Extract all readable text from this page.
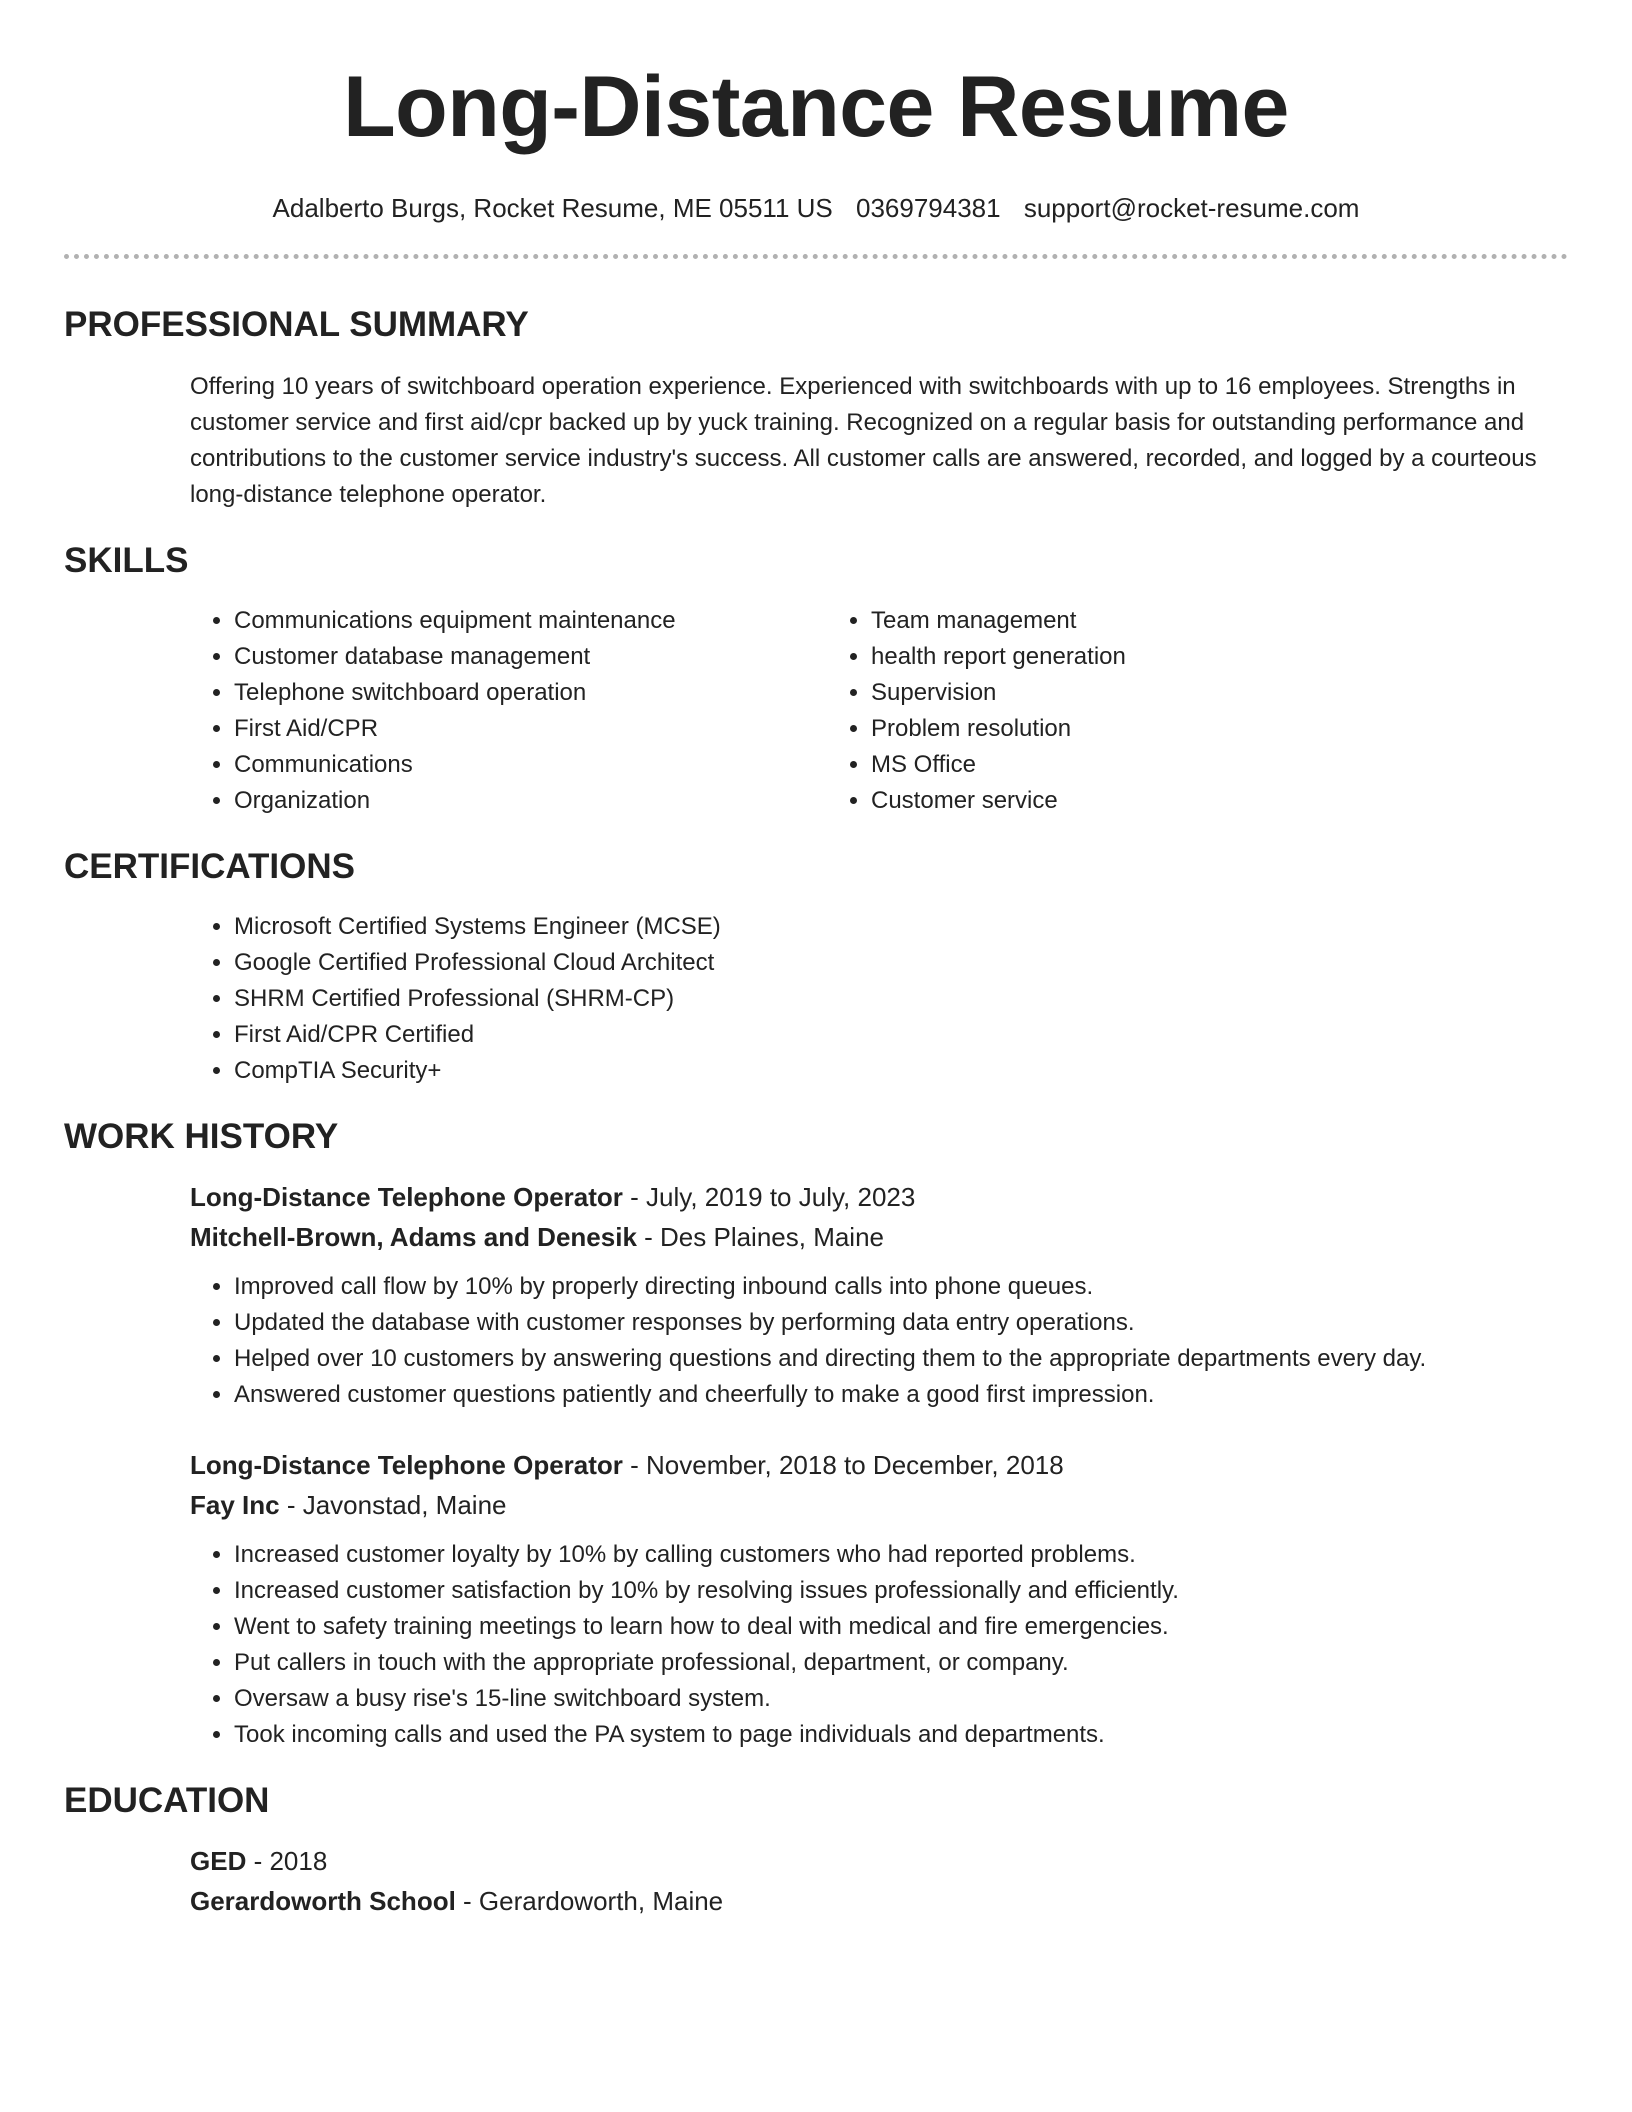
Long-Distance Resume
Adalberto Burgs, Rocket Resume, ME 05511 US 0369794381 support@rocket-resume.com
PROFESSIONAL SUMMARY

Offering 10 years of switchboard operation experience. Experienced with switchboards with up to 16 employees. Strengths in customer service and first aid/cpr backed up by yuck training. Recognized on a regular basis for outstanding performance and contributions to the customer service industry's success. All customer calls are answered, recorded, and logged by a courteous long-distance telephone operator.

SKILLS
• Communications equipment maintenance
• Customer database management
• Telephone switchboard operation
• First Aid/CPR
• Communications
• Organization
• Team management
• health report generation
• Supervision
• Problem resolution
• MS Office
• Customer service
CERTIFICATIONS
• Microsoft Certified Systems Engineer (MCSE)
• Google Certified Professional Cloud Architect
• SHRM Certified Professional (SHRM-CP)
• First Aid/CPR Certified
• CompTIA Security+
WORK HISTORY
Long-Distance Telephone Operator - July, 2019 to July, 2023
Mitchell-Brown, Adams and Denesik - Des Plaines, Maine
• Improved call flow by 10% by properly directing inbound calls into phone queues.
• Updated the database with customer responses by performing data entry operations.
• Helped over 10 customers by answering questions and directing them to the appropriate departments every day.
• Answered customer questions patiently and cheerfully to make a good first impression.
Long-Distance Telephone Operator - November, 2018 to December, 2018
Fay Inc - Javonstad, Maine
• Increased customer loyalty by 10% by calling customers who had reported problems.
• Increased customer satisfaction by 10% by resolving issues professionally and efficiently.
• Went to safety training meetings to learn how to deal with medical and fire emergencies.
• Put callers in touch with the appropriate professional, department, or company.
• Oversaw a busy rise's 15-line switchboard system.
• Took incoming calls and used the PA system to page individuals and departments.
EDUCATION
GED - 2018
Gerardoworth School - Gerardoworth, Maine
